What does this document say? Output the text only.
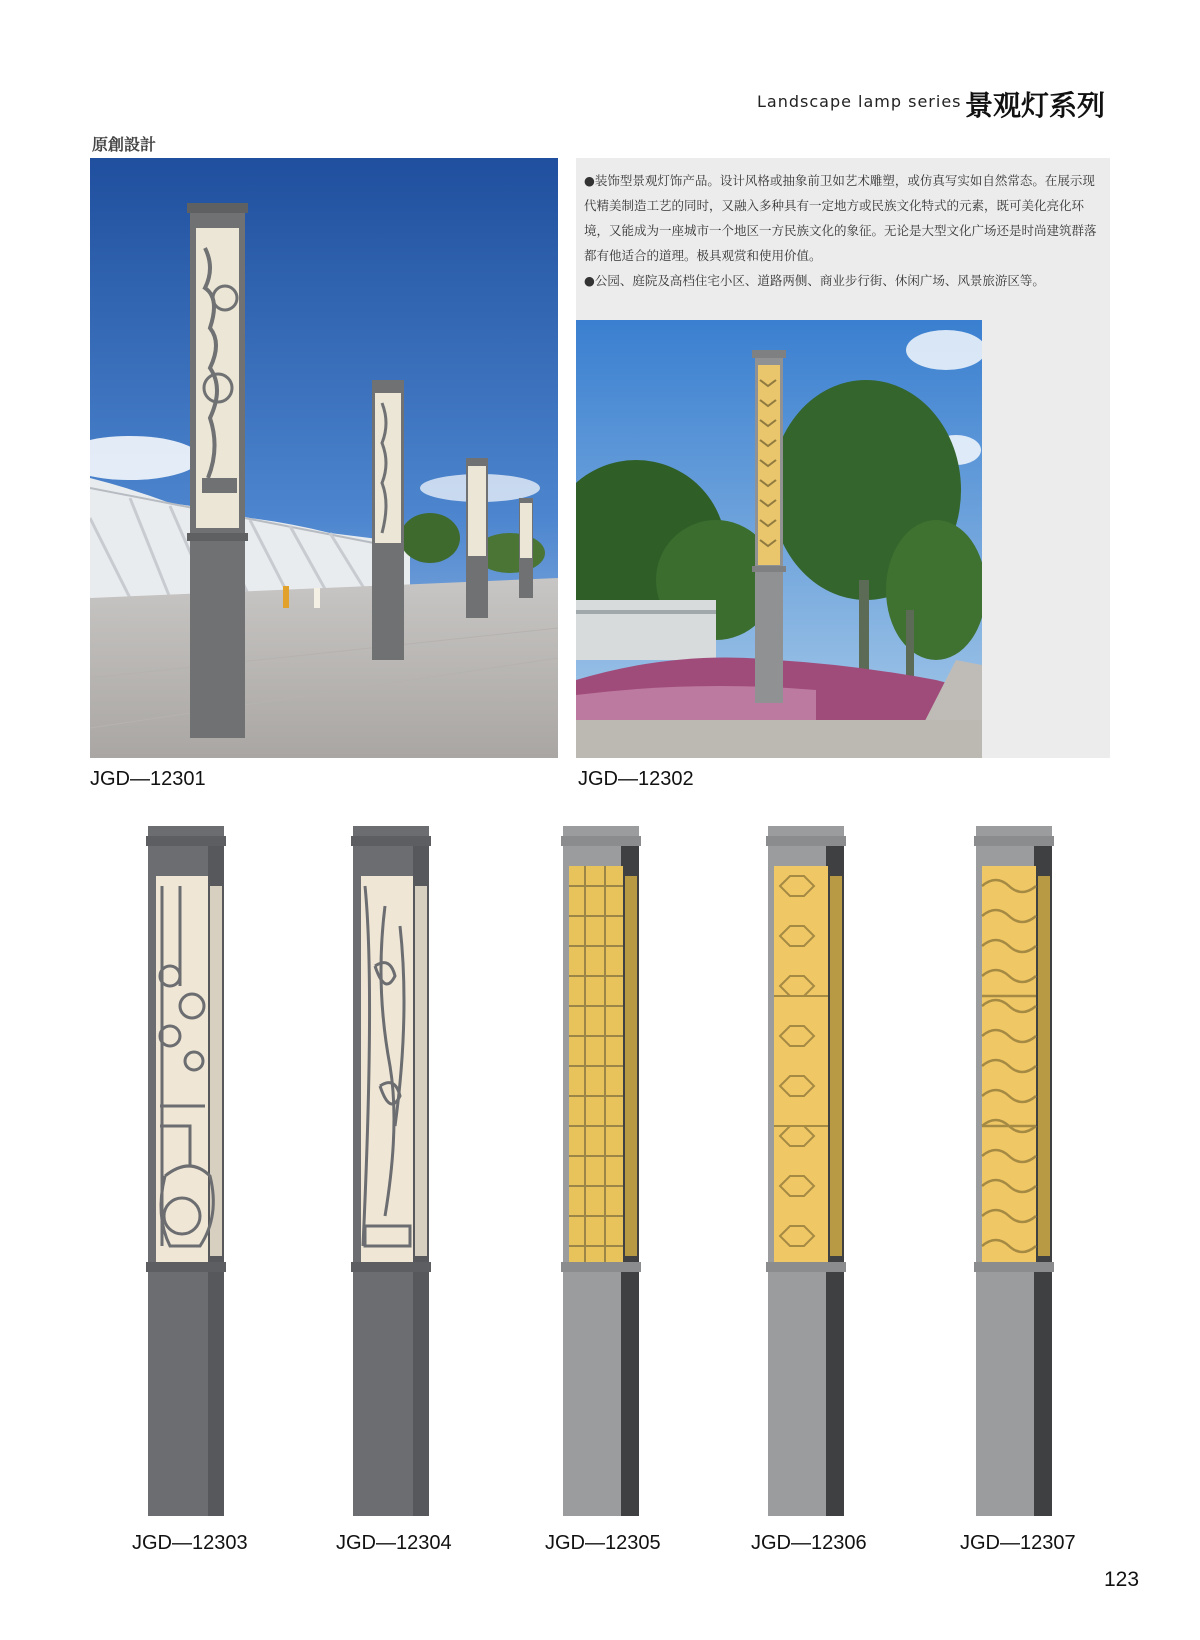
Landscape lamp series 景观灯系列
原創設計

●装饰型景观灯饰产品。设计风格或抽象前卫如艺术雕塑，或仿真写实如自然常态。在展示现代精美制造工艺的同时，又融入多种具有一定地方或民族文化特式的元素，既可美化亮化环境，又能成为一座城市一个地区一方民族文化的象征。无论是大型文化广场还是时尚建筑群落都有他适合的道理。极具观赏和使用价值。

●公园、庭院及高档住宅小区、道路两侧、商业步行街、休闲广场、风景旅游区等。

JGD—12301	JGD—12302
JGD—12303	JGD—12304	JGD—12305	JGD—12306	JGD—12307
123
